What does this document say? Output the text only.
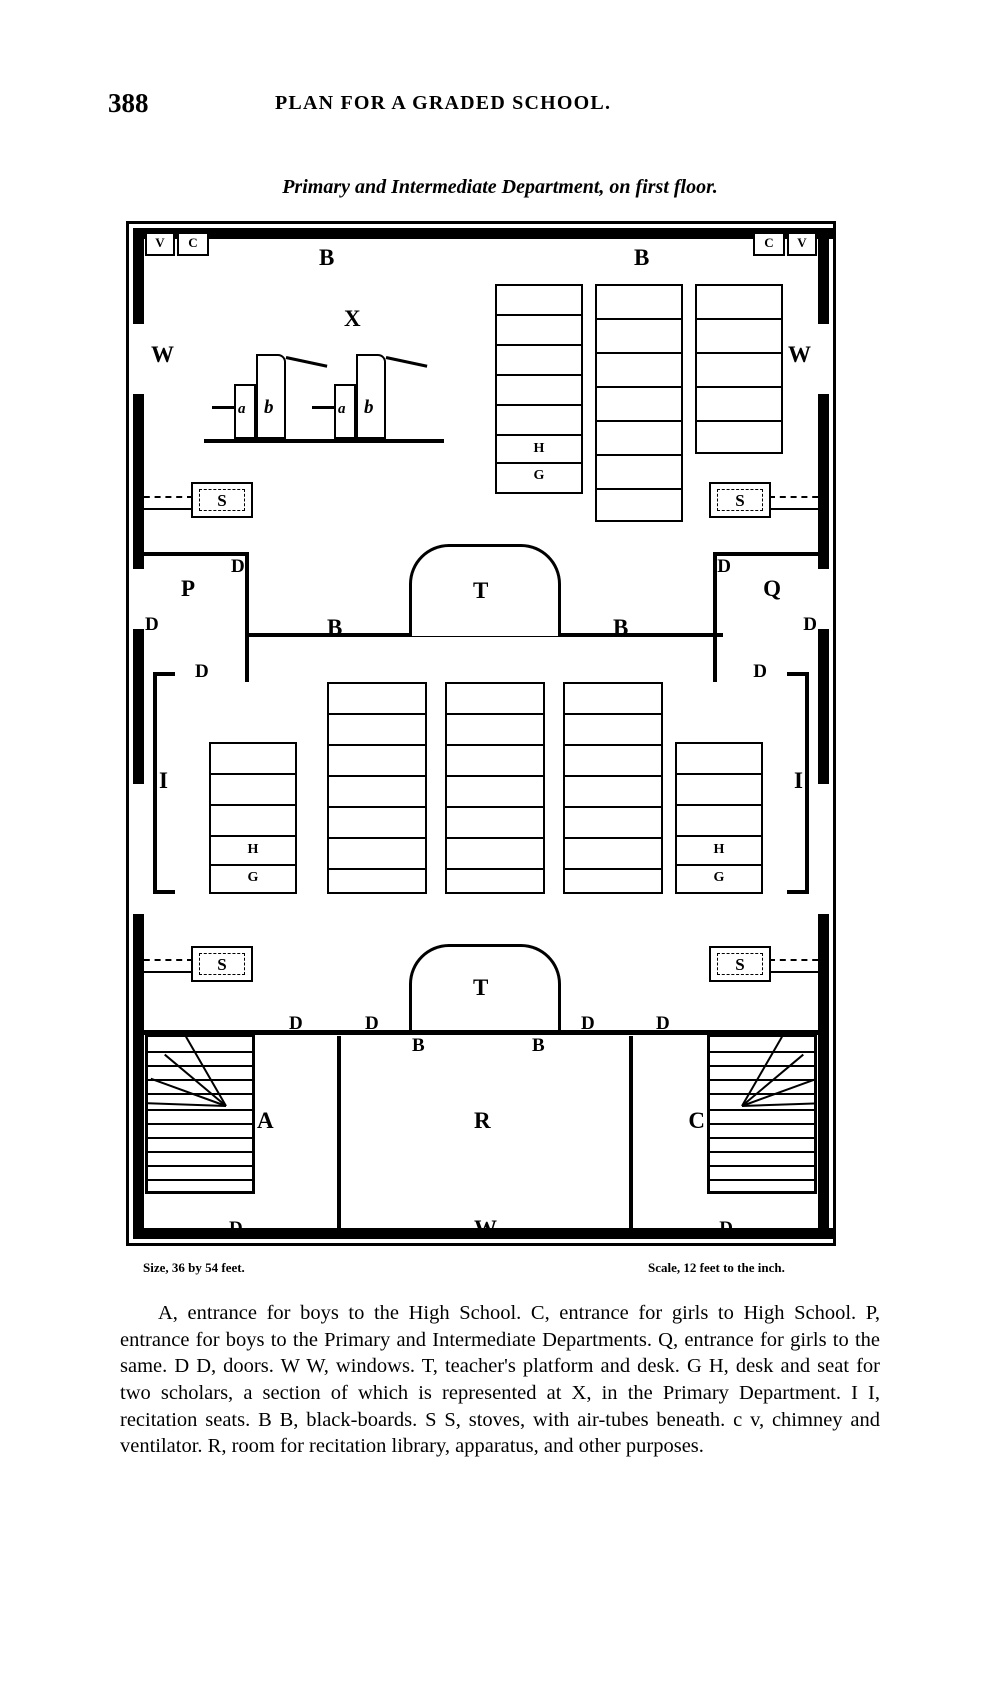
388	PLAN FOR A GRADED SCHOOL.
Primary and Intermediate Department, on first floor.
V	C	C	V
B	B
W	W
X
a b	a b
H
G
S	S
P	Q
D	D
D	D
D	D
T
B	B
I	I
H
G
H
G
S	S
T
B	B
D	D	D	D
A	R	C
D	D
W
Size, 36 by 54 feet.	Scale, 12 feet to the inch.
A, entrance for boys to the High School. C, entrance for girls to High School. P, entrance for boys to the Primary and Intermediate Departments. Q, entrance for girls to the same. D D, doors. W W, windows. T, teacher's platform and desk. G H, desk and seat for two scholars, a section of which is represented at X, in the Primary Department. I I, recitation seats. B B, black-boards. S S, stoves, with air-tubes beneath. c v, chimney and ventilator. R, room for recitation library, apparatus, and other purposes.
